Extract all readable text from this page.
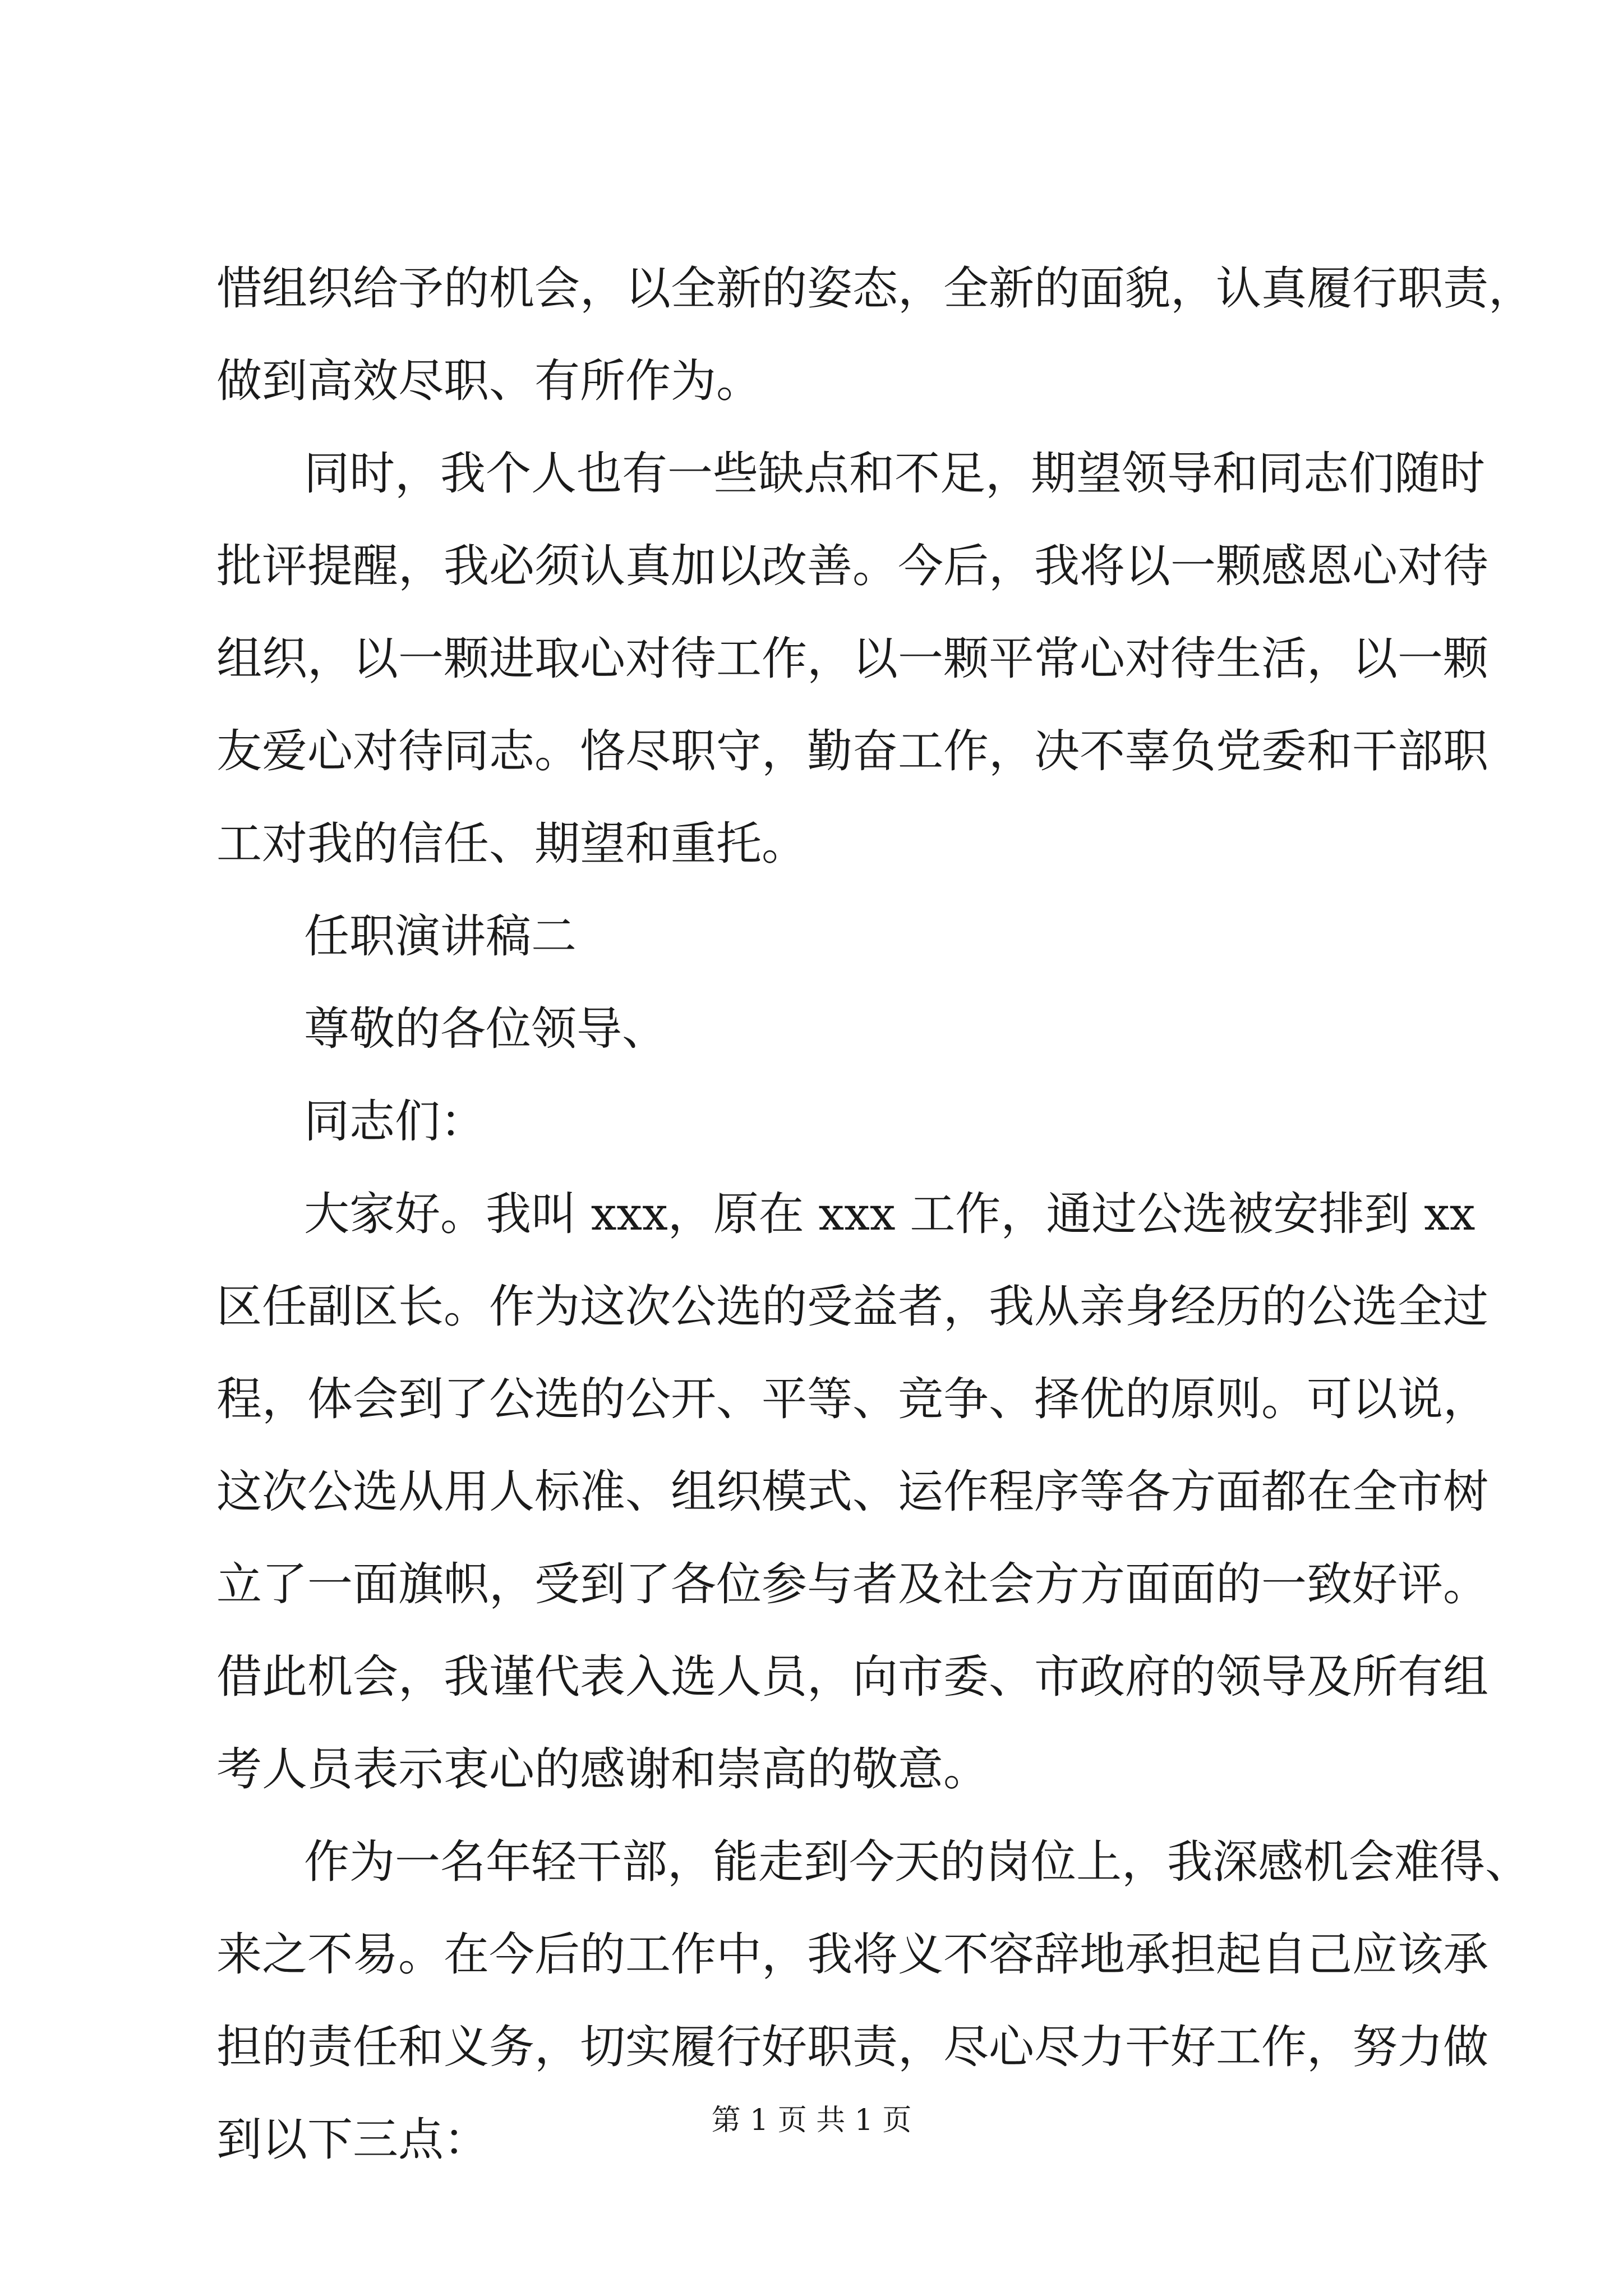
惜组织给予的机会，以全新的姿态，全新的面貌，认真履行职责，
做到高效尽职、有所作为。
同时，我个人也有一些缺点和不足，期望领导和同志们随时
批评提醒，我必须认真加以改善。今后，我将以一颗感恩心对待
组织，以一颗进取心对待工作，以一颗平常心对待生活，以一颗
友爱心对待同志。恪尽职守，勤奋工作，决不辜负党委和干部职
工对我的信任、期望和重托。
任职演讲稿二
尊敬的各位领导、
同志们：
大家好。我叫 xxx，原在 xxx 工作，通过公选被安排到 xx
区任副区长。作为这次公选的受益者，我从亲身经历的公选全过
程，体会到了公选的公开、平等、竞争、择优的原则。可以说，
这次公选从用人标准、组织模式、运作程序等各方面都在全市树
立了一面旗帜，受到了各位参与者及社会方方面面的一致好评。
借此机会，我谨代表入选人员，向市委、市政府的领导及所有组
考人员表示衷心的感谢和崇高的敬意。
作为一名年轻干部，能走到今天的岗位上，我深感机会难得、
来之不易。在今后的工作中，我将义不容辞地承担起自己应该承
担的责任和义务，切实履行好职责，尽心尽力干好工作，努力做
到以下三点：	第 1 页 共 1 页
